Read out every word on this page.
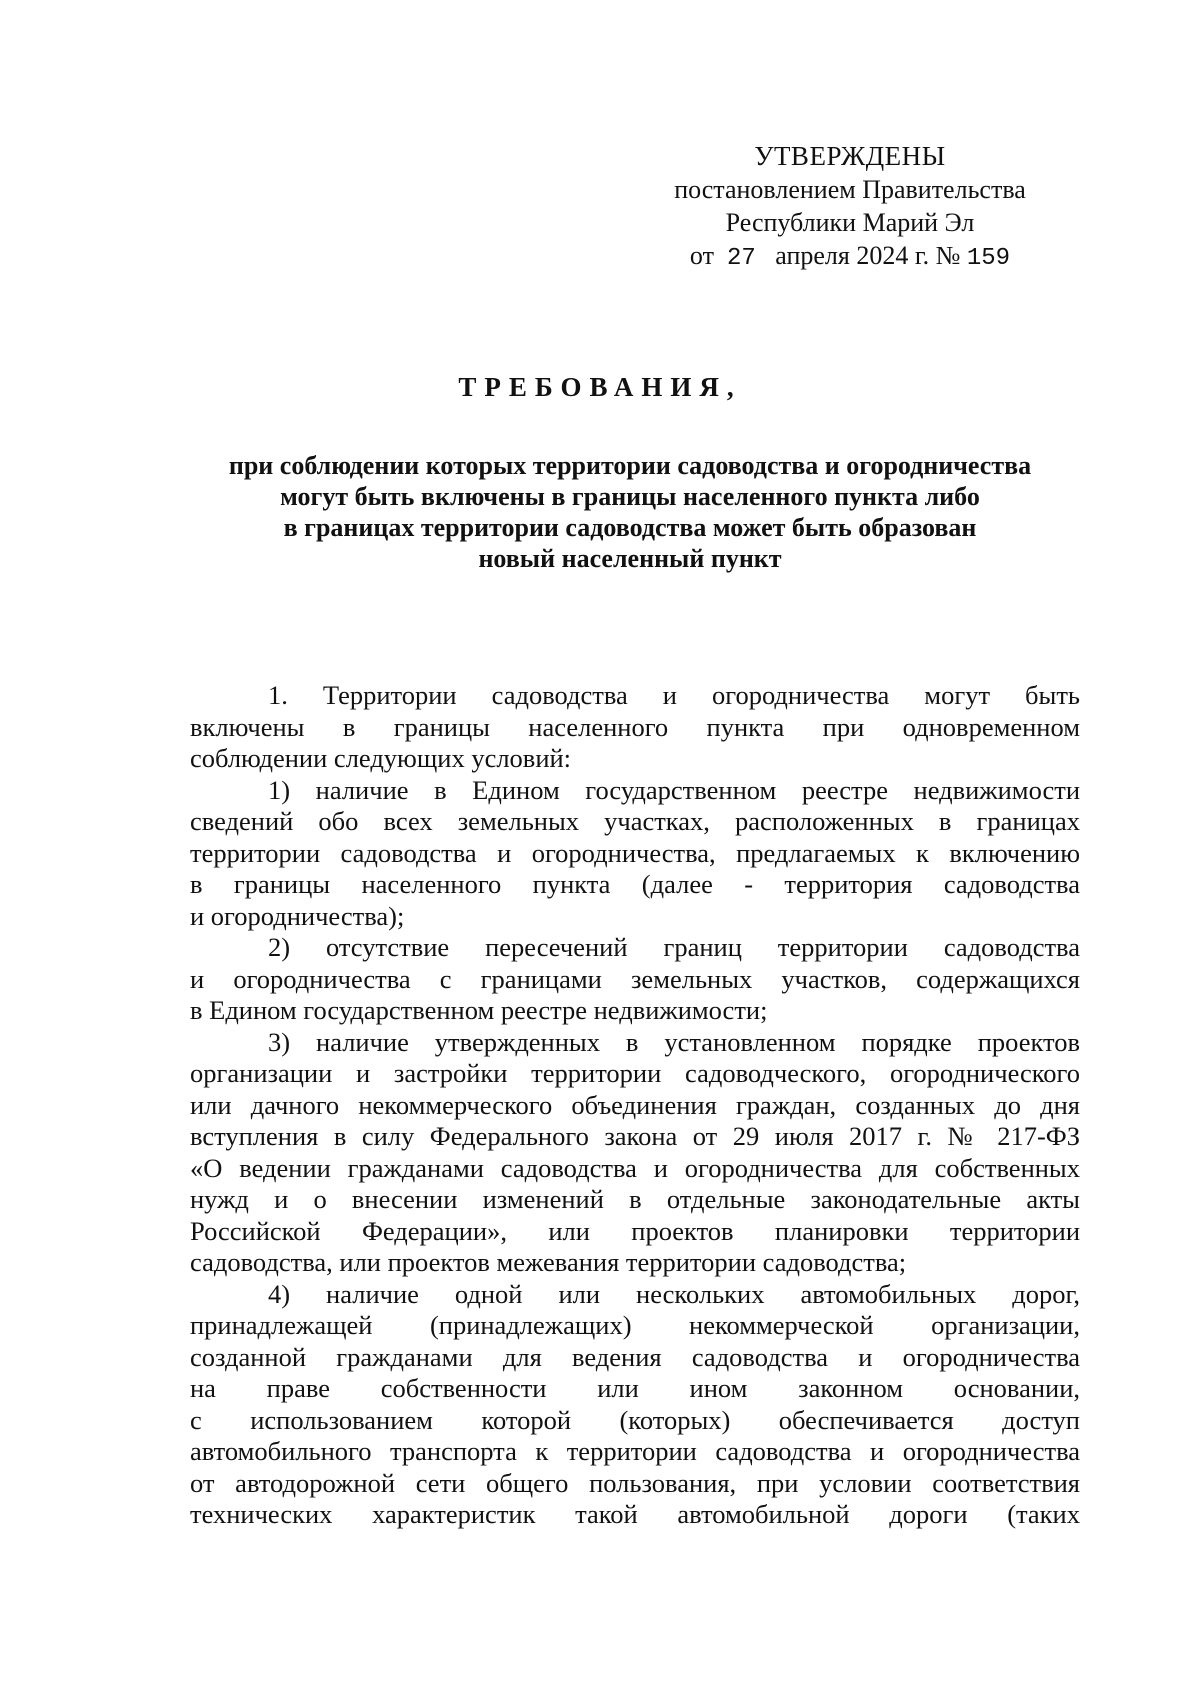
УТВЕРЖДЕНЫ
постановлением Правительства
Республики Марий Эл
от 27 апреля 2024 г. № 159
ТРЕБОВАНИЯ,
при соблюдении которых территории садоводства и огородничества
могут быть включены в границы населенного пункта либо
в границах территории садоводства может быть образован
новый населенный пункт

1. Территории садоводства и огородничества могут быть
включены в границы населенного пункта при одновременном
соблюдении следующих условий:

1) наличие в Едином государственном реестре недвижимости
сведений обо всех земельных участках, расположенных в границах
территории садоводства и огородничества, предлагаемых к включению
в границы населенного пункта (далее - территория садоводства
и огородничества);

2) отсутствие пересечений границ территории садоводства
и огородничества с границами земельных участков, содержащихся
в Едином государственном реестре недвижимости;

3) наличие утвержденных в установленном порядке проектов
организации и застройки территории садоводческого, огороднического
или дачного некоммерческого объединения граждан, созданных до дня
вступления в силу Федерального закона от 29 июля 2017 г. № 217-ФЗ
«О ведении гражданами садоводства и огородничества для собственных
нужд и о внесении изменений в отдельные законодательные акты
Российской Федерации», или проектов планировки территории
садоводства, или проектов межевания территории садоводства;

4) наличие одной или нескольких автомобильных дорог,
принадлежащей (принадлежащих) некоммерческой организации,
созданной гражданами для ведения садоводства и огородничества
на праве собственности или ином законном основании,
с использованием которой (которых) обеспечивается доступ
автомобильного транспорта к территории садоводства и огородничества
от автодорожной сети общего пользования, при условии соответствия
технических характеристик такой автомобильной дороги (таких
